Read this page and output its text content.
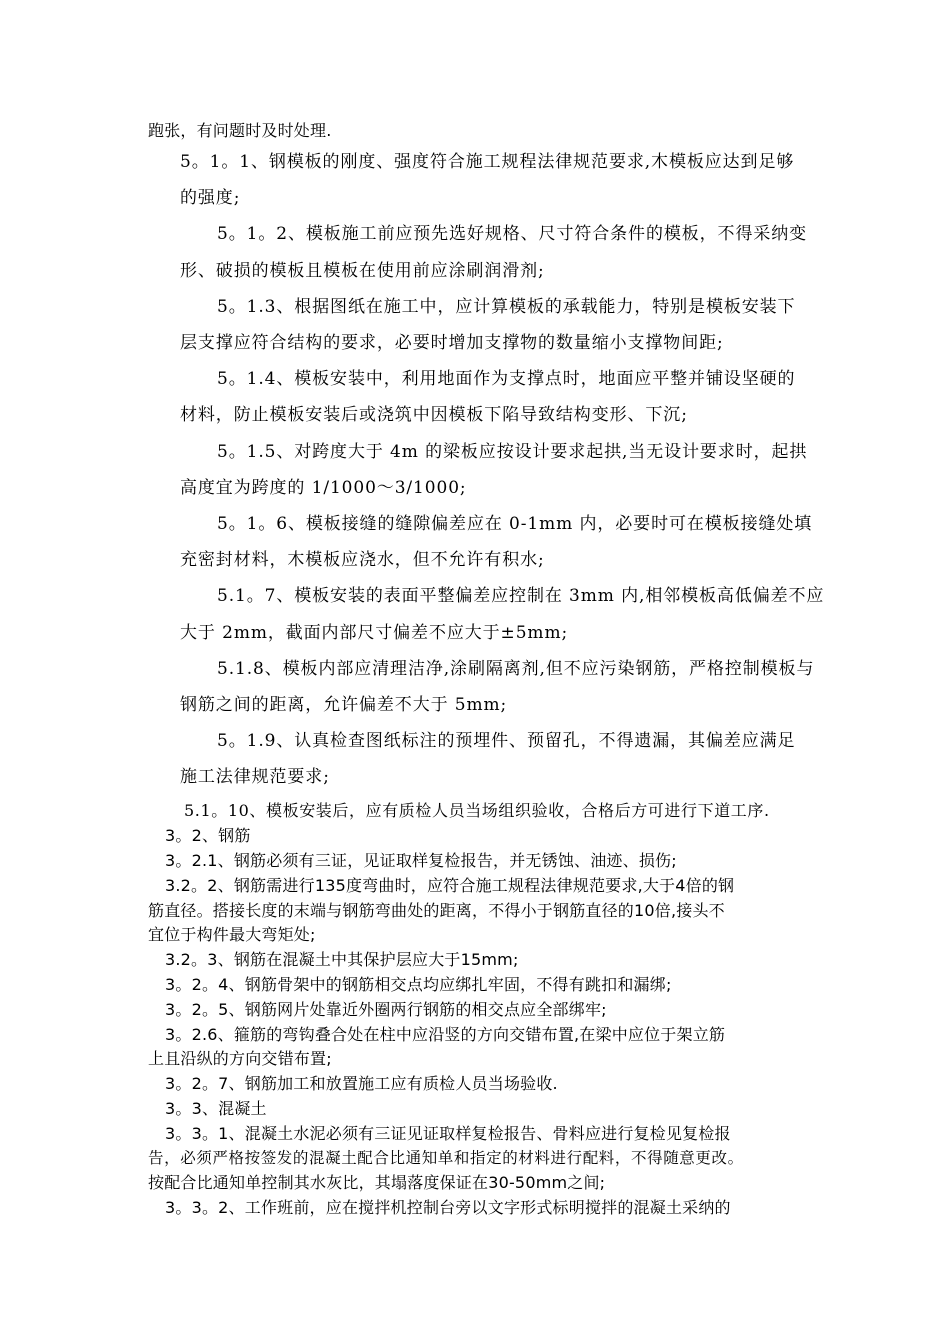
跑张，有问题时及时处理.
5。1。1、钢模板的刚度、强度符合施工规程法律规范要求,木模板应达到足够
的强度;
5。1。2、模板施工前应预先选好规格、尺寸符合条件的模板，不得采纳变
形、破损的模板且模板在使用前应涂刷润滑剂;
5。1.3、根据图纸在施工中，应计算模板的承载能力，特别是模板安装下
层支撑应符合结构的要求，必要时增加支撑物的数量缩小支撑物间距;
5。1.4、模板安装中，利用地面作为支撑点时，地面应平整并铺设坚硬的
材料，防止模板安装后或浇筑中因模板下陷导致结构变形、下沉;
5。1.5、对跨度大于 4m 的梁板应按设计要求起拱,当无设计要求时，起拱
高度宜为跨度的 1/1000～3/1000;
5。1。6、模板接缝的缝隙偏差应在 0-1mm 内，必要时可在模板接缝处填
充密封材料，木模板应浇水，但不允许有积水;
5.1。7、模板安装的表面平整偏差应控制在 3mm 内,相邻模板高低偏差不应
大于 2mm，截面内部尺寸偏差不应大于±5mm;
5.1.8、模板内部应清理洁净,涂刷隔离剂,但不应污染钢筋，严格控制模板与
钢筋之间的距离，允许偏差不大于 5mm;
5。1.9、认真检查图纸标注的预埋件、预留孔，不得遗漏，其偏差应满足
施工法律规范要求;
5.1。10、模板安装后，应有质检人员当场组织验收，合格后方可进行下道工序.
3。2、钢筋
3。2.1、钢筋必须有三证，见证取样复检报告，并无锈蚀、油迹、损伤;
3.2。2、钢筋需进行135度弯曲时，应符合施工规程法律规范要求,大于4倍的钢
筋直径。搭接长度的末端与钢筋弯曲处的距离，不得小于钢筋直径的10倍,接头不
宜位于构件最大弯矩处;
3.2。3、钢筋在混凝土中其保护层应大于15mm;
3。2。4、钢筋骨架中的钢筋相交点均应绑扎牢固，不得有跳扣和漏绑;
3。2。5、钢筋网片处靠近外圈两行钢筋的相交点应全部绑牢;
3。2.6、箍筋的弯钩叠合处在柱中应沿竖的方向交错布置,在梁中应位于架立筋
上且沿纵的方向交错布置;
3。2。7、钢筋加工和放置施工应有质检人员当场验收.
3。3、混凝土
3。3。1、混凝土水泥必须有三证见证取样复检报告、骨料应进行复检见复检报
告，必须严格按签发的混凝土配合比通知单和指定的材料进行配料，不得随意更改。
按配合比通知单控制其水灰比，其塌落度保证在30-50mm之间;
3。3。2、工作班前，应在搅拌机控制台旁以文字形式标明搅拌的混凝土采纳的
